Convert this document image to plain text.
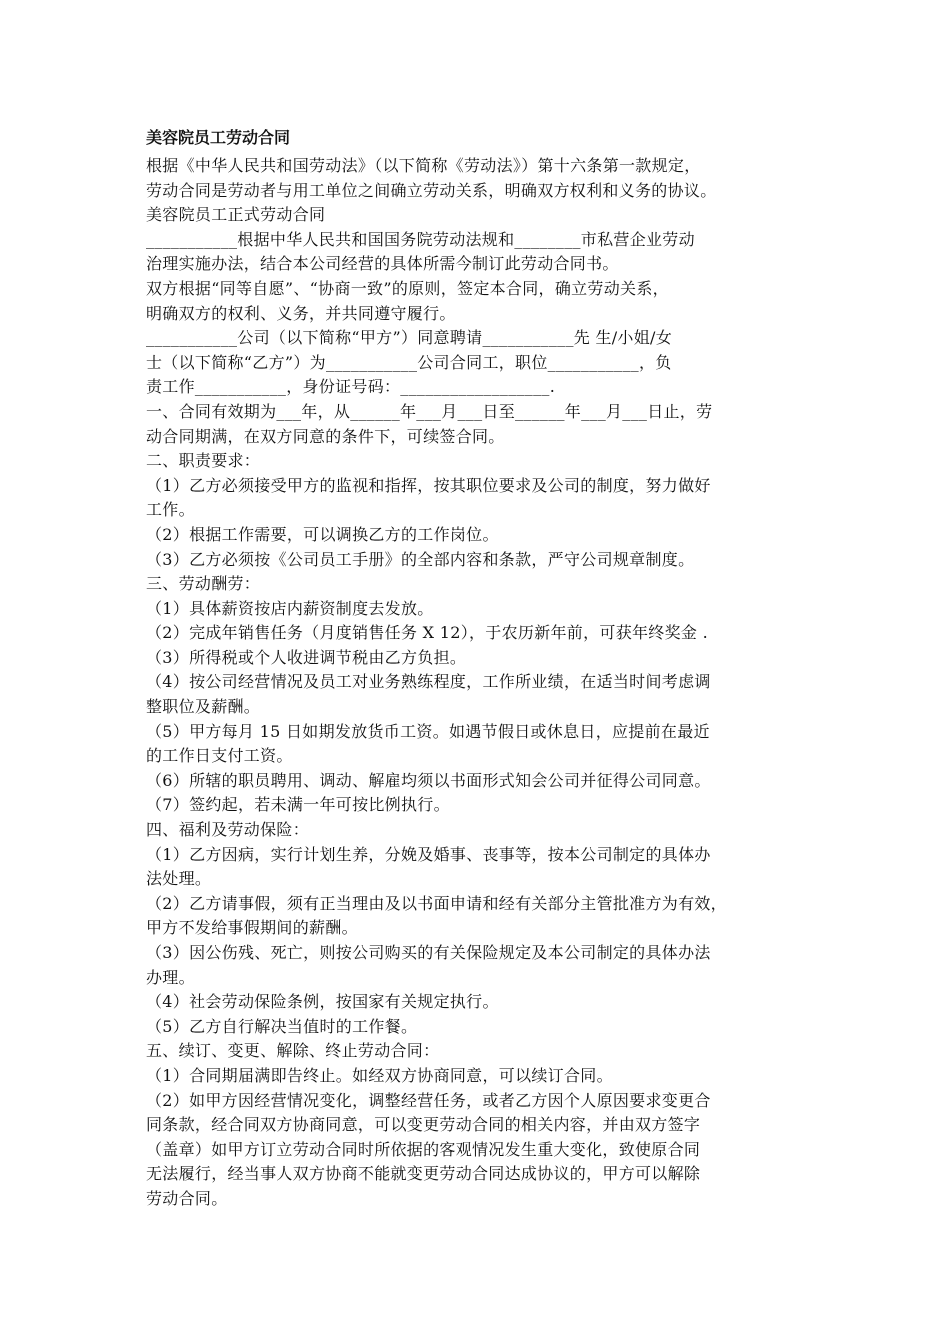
美容院员工劳动合同
根据《中华人民共和国劳动法》（以下简称《劳动法》）第十六条第一款规定，
劳动合同是劳动者与用工单位之间确立劳动关系，明确双方权利和义务的协议。
美容院员工正式劳动合同
___________根据中华人民共和国国务院劳动法规和________市私营企业劳动
治理实施办法，结合本公司经营的具体所需今制订此劳动合同书。
双方根据“同等自愿”、“协商一致”的原则，签定本合同，确立劳动关系，
明确双方的权利、义务，并共同遵守履行。
___________公司（以下简称“甲方”）同意聘请___________先 生/小姐/女
士（以下简称“乙方”）为___________公司合同工，职位___________，负
责工作___________，身份证号码：__________________.
一、合同有效期为___年，从______年___月___日至______年___月___日止，劳
动合同期满，在双方同意的条件下，可续签合同。
二、职责要求：
（1）乙方必须接受甲方的监视和指挥，按其职位要求及公司的制度，努力做好
工作。
（2）根据工作需要，可以调换乙方的工作岗位。
（3）乙方必须按《公司员工手册》的全部内容和条款，严守公司规章制度。
三、劳动酬劳：
（1）具体薪资按店内薪资制度去发放。
（2）完成年销售任务（月度销售任务 X 12），于农历新年前，可获年终奖金 .
（3）所得税或个人收进调节税由乙方负担。
（4）按公司经营情况及员工对业务熟练程度，工作所业绩，在适当时间考虑调
整职位及薪酬。
（5）甲方每月 15 日如期发放货币工资。如遇节假日或休息日，应提前在最近
的工作日支付工资。
（6）所辖的职员聘用、调动、解雇均须以书面形式知会公司并征得公司同意。
（7）签约起，若未满一年可按比例执行。
四、福利及劳动保险：
（1）乙方因病，实行计划生养，分娩及婚事、丧事等，按本公司制定的具体办
法处理。
（2）乙方请事假，须有正当理由及以书面申请和经有关部分主管批准方为有效，
甲方不发给事假期间的薪酬。
（3）因公伤残、死亡，则按公司购买的有关保险规定及本公司制定的具体办法
办理。
（4）社会劳动保险条例，按国家有关规定执行。
（5）乙方自行解决当值时的工作餐。
五、续订、变更、解除、终止劳动合同：
（1）合同期届满即告终止。如经双方协商同意，可以续订合同。
（2）如甲方因经营情况变化，调整经营任务，或者乙方因个人原因要求变更合
同条款，经合同双方协商同意，可以变更劳动合同的相关内容，并由双方签字
（盖章）如甲方订立劳动合同时所依据的客观情况发生重大变化，致使原合同
无法履行，经当事人双方协商不能就变更劳动合同达成协议的，甲方可以解除
劳动合同。
